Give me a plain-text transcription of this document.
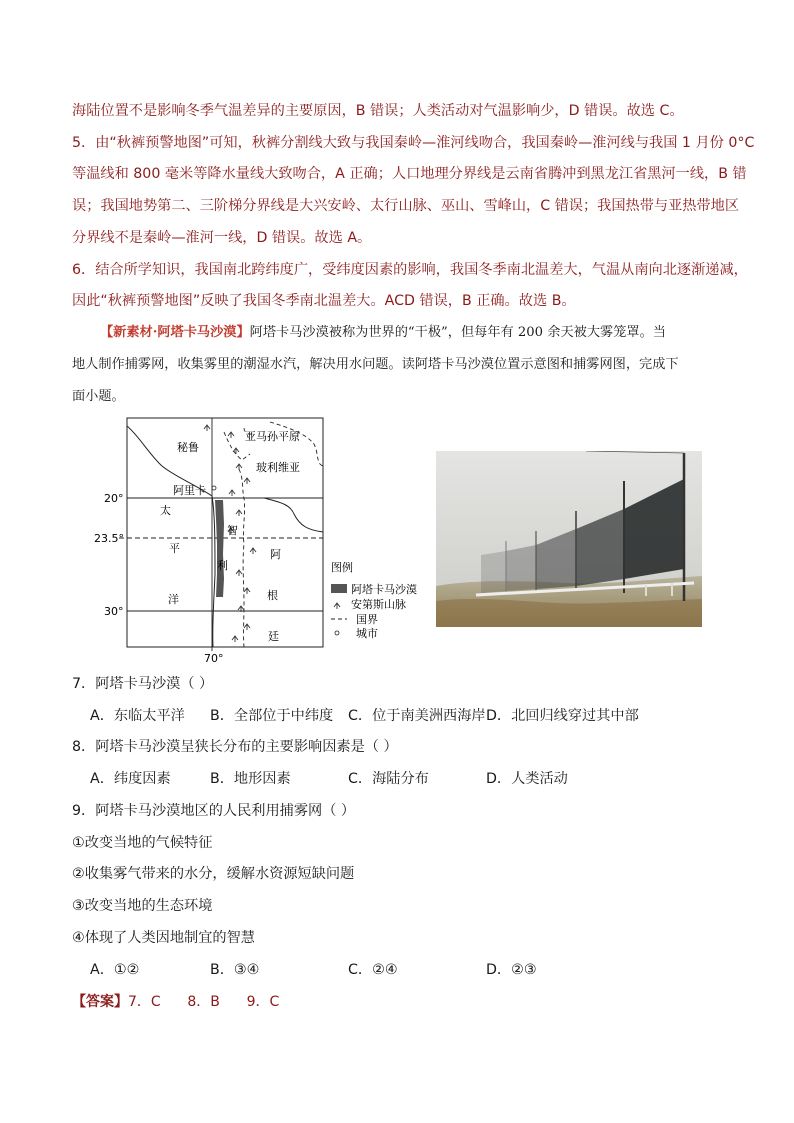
海陆位置不是影响冬季气温差异的主要原因，B 错误；人类活动对气温影响少，D 错误。故选 C。
5．由“秋裤预警地图”可知，秋裤分割线大致与我国秦岭—淮河线吻合，我国秦岭—淮河线与我国 1 月份 0°C
等温线和 800 毫米等降水量线大致吻合，A 正确；人口地理分界线是云南省腾冲到黑龙江省黑河一线，B 错
误；我国地势第二、三阶梯分界线是大兴安岭、太行山脉、巫山、雪峰山，C 错误；我国热带与亚热带地区
分界线不是秦岭—淮河一线，D 错误。故选 A。
6．结合所学知识，我国南北跨纬度广，受纬度因素的影响，我国冬季南北温差大，气温从南向北逐渐递减，
因此“秋裤预警地图”反映了我国冬季南北温差大。ACD 错误，B 正确。故选 B。
【新素材·阿塔卡马沙漠】阿塔卡马沙漠被称为世界的“干极”，但每年有 200 余天被大雾笼罩。当
地人制作捕雾网，收集雾里的潮湿水汽，解决用水问题。读阿塔卡马沙漠位置示意图和捕雾网图，完成下
面小题。
秘鲁
亚马孙平原
玻利维亚
阿里卡
智
利
太
平
洋
阿
根
廷
20°
23.5°
30°
70°
图例
阿塔卡马沙漠
安第斯山脉
国界
城市
7．阿塔卡马沙漠（ ）
A．东临太平洋 B．全部位于中纬度 C．位于南美洲西海岸 D．北回归线穿过其中部
8．阿塔卡马沙漠呈狭长分布的主要影响因素是（ ）
A．纬度因素	B．地形因素	C．海陆分布	D．人类活动
9．阿塔卡马沙漠地区的人民利用捕雾网（ ）
①改变当地的气候特征
②收集雾气带来的水分，缓解水资源短缺问题
③改变当地的生态环境
④体现了人类因地制宜的智慧
A．①②	B．③④	C．②④	D．②③
【答案】7．C      8．B      9．C
